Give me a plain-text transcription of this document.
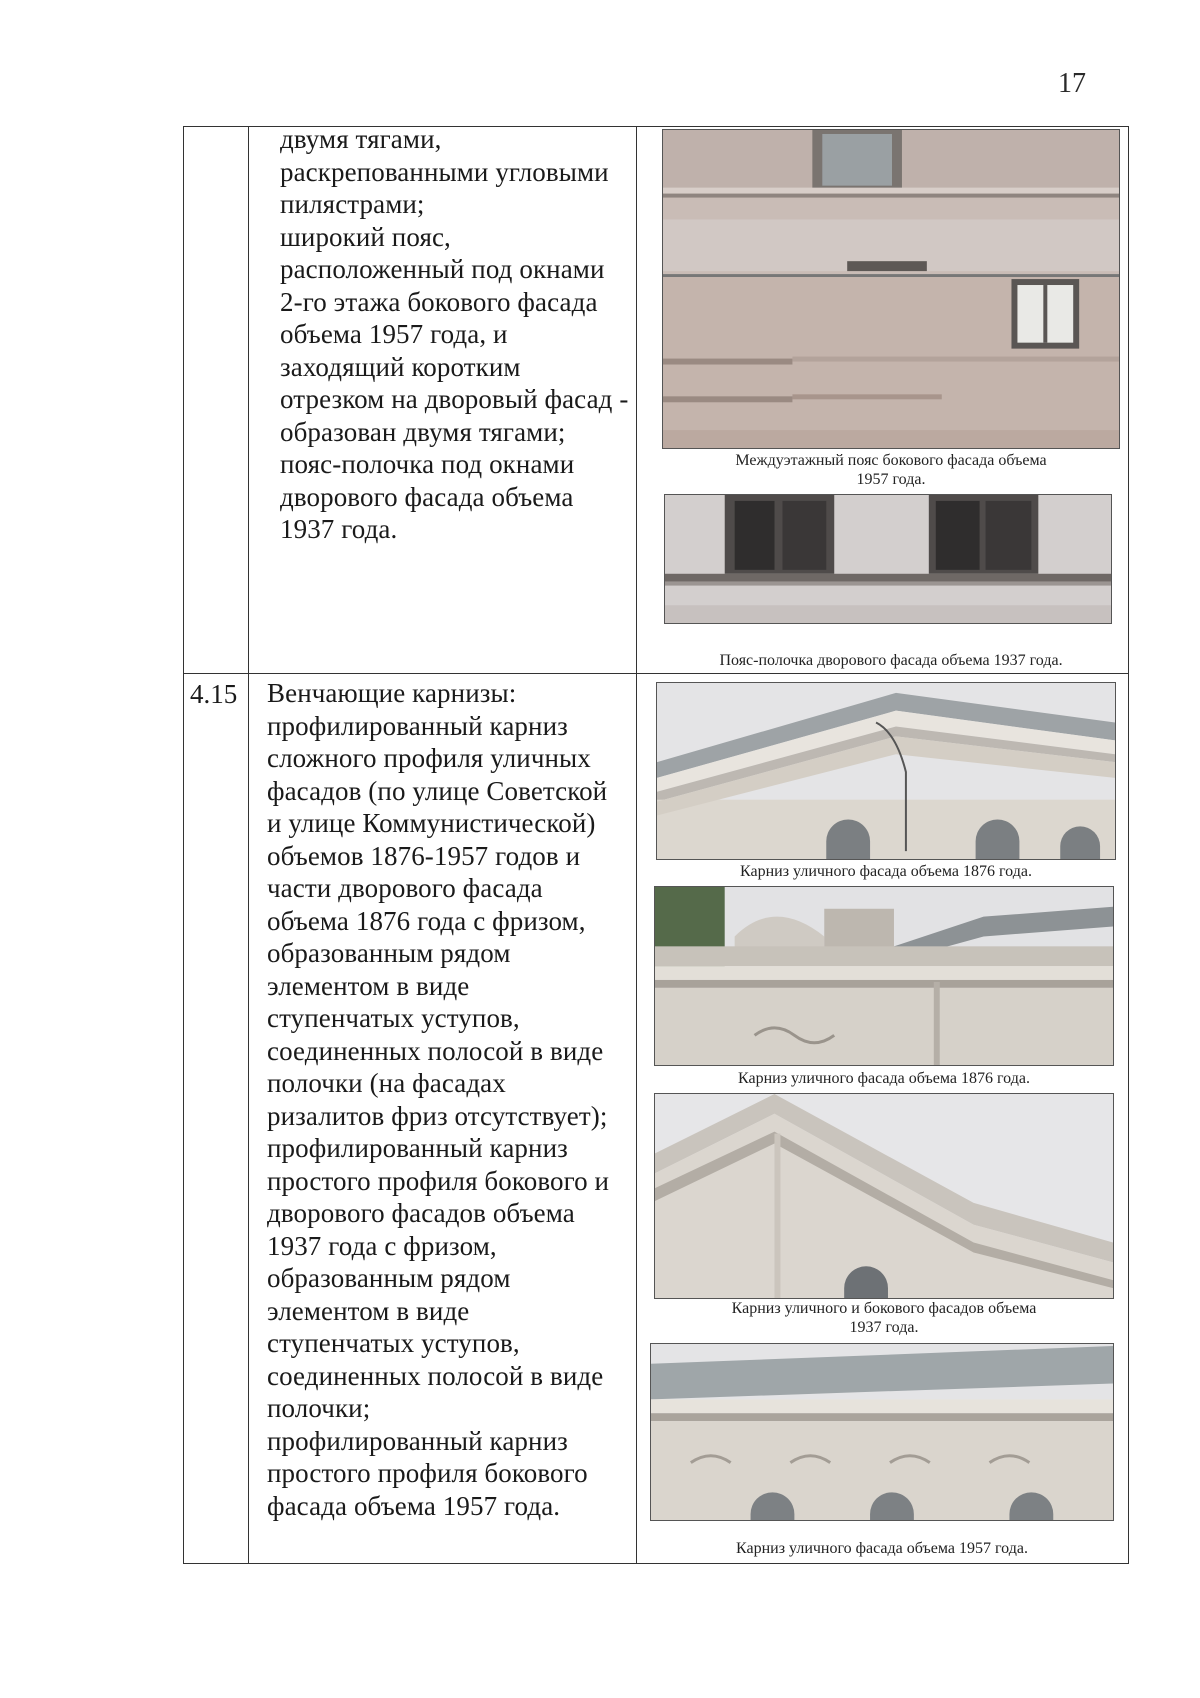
17
двумя тягами,
раскрепованными угловыми
пилястрами;
широкий пояс,
расположенный под окнами
2-го этажа бокового фасада
объема 1957 года, и
заходящий коротким
отрезком на дворовый фасад -
образован двумя тягами;
пояс-полочка под окнами
дворового фасада объема
1937 года.
Междуэтажный пояс бокового фасада объема
1957 года.
Пояс-полочка дворового фасада объема 1937 года.
4.15 Венчающие карнизы:
профилированный карниз
сложного профиля уличных
фасадов (по улице Советской
и улице Коммунистической)
объемов 1876-1957 годов и
части дворового фасада
объема 1876 года с фризом,
образованным рядом
элементом в виде
ступенчатых уступов,
соединенных полосой в виде
полочки (на фасадах
ризалитов фриз отсутствует);
профилированный карниз
простого профиля бокового и
дворового фасадов объема
1937 года с фризом,
образованным рядом
элементом в виде
ступенчатых уступов,
соединенных полосой в виде
полочки;
профилированный карниз
простого профиля бокового
фасада объема 1957 года.
Карниз уличного фасада объема 1876 года.
Карниз уличного фасада объема 1876 года.
Карниз уличного и бокового фасадов объема
1937 года.
Карниз уличного фасада объема 1957 года.
